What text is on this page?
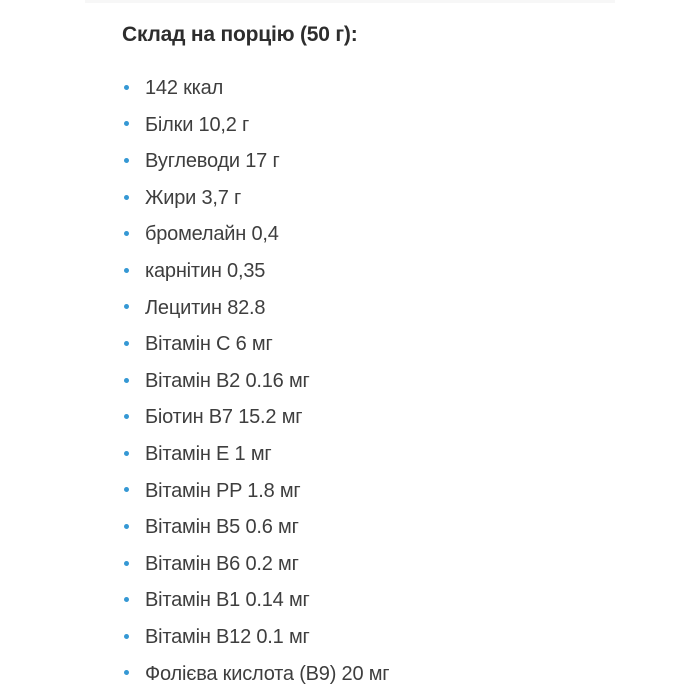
Склад на порцію (50 г):
142 ккал
Білки 10,2 г
Вуглеводи 17 г
Жири 3,7 г
бромелайн 0,4
карнітин 0,35
Лецитин 82.8
Вітамін C 6 мг
Вітамін B2 0.16 мг
Біотин B7 15.2 мг
Вітамін E 1 мг
Вітамін PP 1.8 мг
Вітамін B5 0.6 мг
Вітамін B6 0.2 мг
Вітамін B1 0.14 мг
Вітамін B12 0.1 мг
Фолієва кислота (B9) 20 мг
